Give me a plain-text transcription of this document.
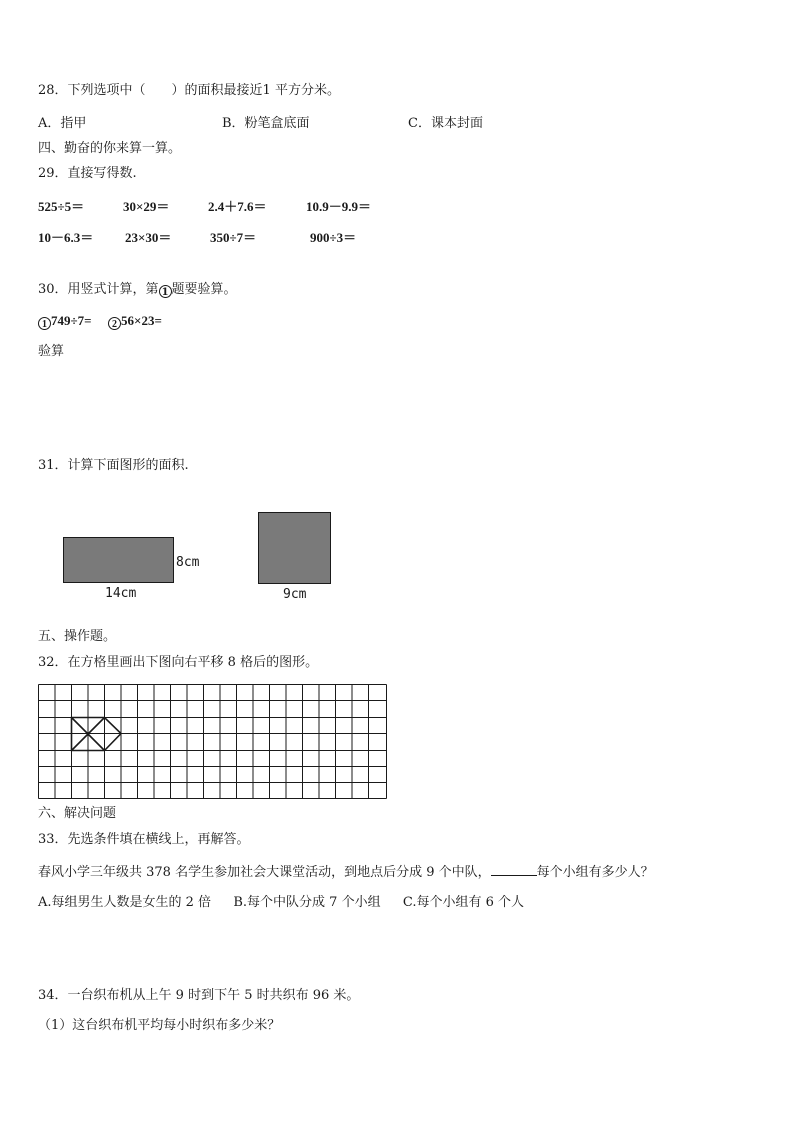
28．下列选项中（　　）的面积最接近1 平方分米。
A．指甲	B．粉笔盒底面	C．课本封面
四、勤奋的你来算一算。
29．直接写得数.
525÷5＝	30×29＝	2.4＋7.6＝	10.9－9.9＝
10－6.3＝ 23×30＝	350÷7＝	900÷3＝
30．用竖式计算，第 1 题要验算。
1 749÷7= 2 56×23=
验算
31．计算下面图形的面积.
8cm
14cm	9cm
五、操作题。
32．在方格里画出下图向右平移 8 格后的图形。
六、解决问题
33．先选条件填在横线上，再解答。
春风小学三年级共 378 名学生参加社会大课堂活动，到地点后分成 9 个中队，	每个小组有多少人？
A.每组男生人数是女生的 2 倍 B.每个中队分成 7 个小组 C.每个小组有 6 个人
34．一台织布机从上午 9 时到下午 5 时共织布 96 米。
（1）这台织布机平均每小时织布多少米？
